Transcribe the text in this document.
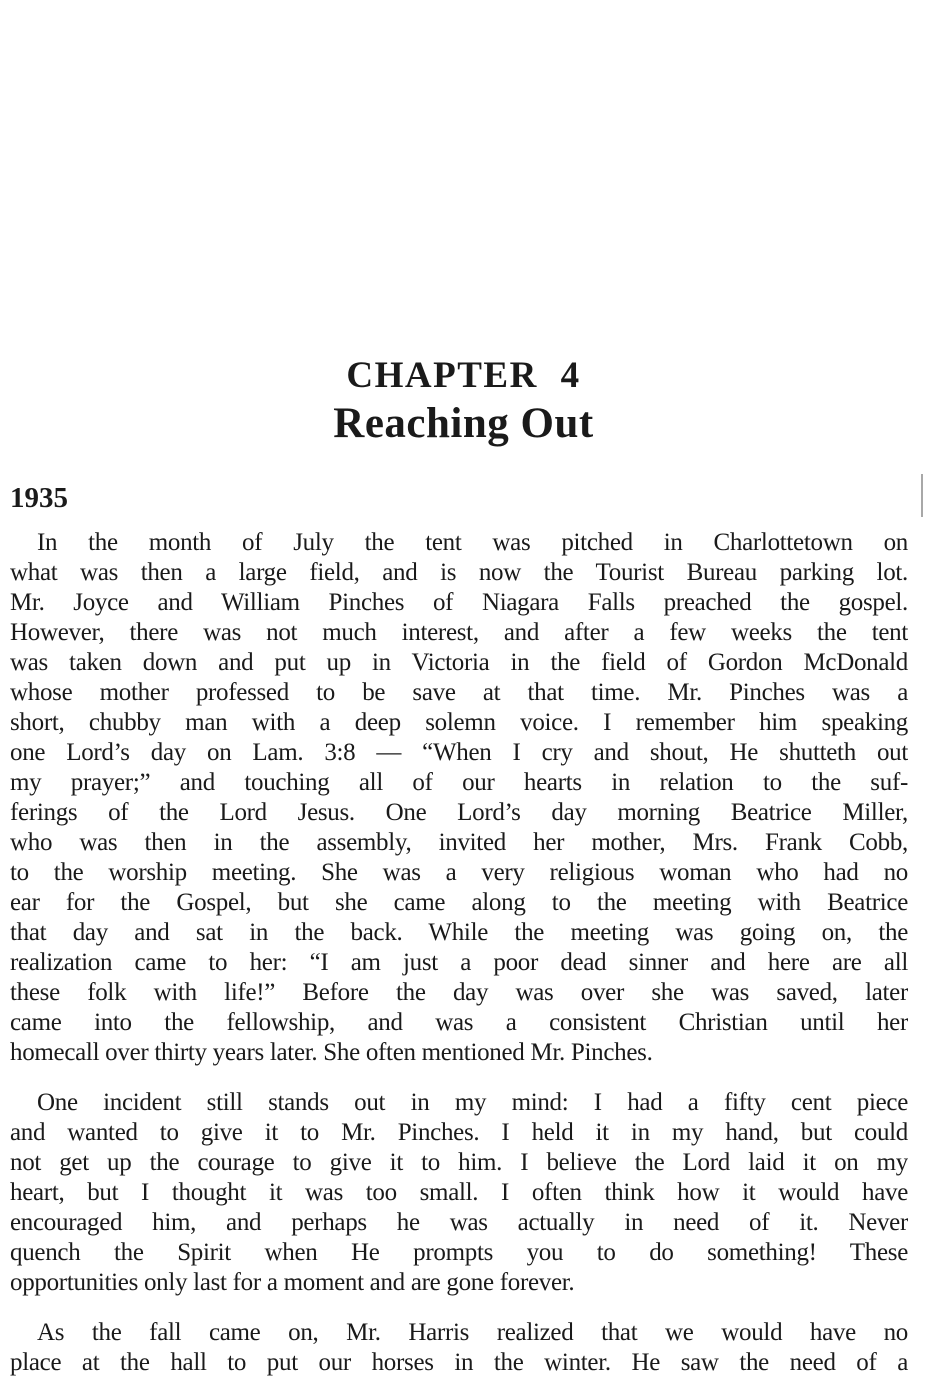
CHAPTER 4
Reaching Out
1935
In the month of July the tent was pitched in Charlottetown on
what was then a large field, and is now the Tourist Bureau parking lot.
Mr. Joyce and William Pinches of Niagara Falls preached the gospel.
However, there was not much interest, and after a few weeks the tent
was taken down and put up in Victoria in the field of Gordon McDonald
whose mother professed to be save at that time. Mr. Pinches was a
short, chubby man with a deep solemn voice. I remember him speaking
one Lord’s day on Lam. 3:8 — “When I cry and shout, He shutteth out
my prayer;” and touching all of our hearts in relation to the suf-
ferings of the Lord Jesus. One Lord’s day morning Beatrice Miller,
who was then in the assembly, invited her mother, Mrs. Frank Cobb,
to the worship meeting. She was a very religious woman who had no
ear for the Gospel, but she came along to the meeting with Beatrice
that day and sat in the back. While the meeting was going on, the
realization came to her: “I am just a poor dead sinner and here are all
these folk with life!” Before the day was over she was saved, later
came into the fellowship, and was a consistent Christian until her
homecall over thirty years later. She often mentioned Mr. Pinches.
One incident still stands out in my mind: I had a fifty cent piece
and wanted to give it to Mr. Pinches. I held it in my hand, but could
not get up the courage to give it to him. I believe the Lord laid it on my
heart, but I thought it was too small. I often think how it would have
encouraged him, and perhaps he was actually in need of it. Never
quench the Spirit when He prompts you to do something! These
opportunities only last for a moment and are gone forever.
As the fall came on, Mr. Harris realized that we would have no
place at the hall to put our horses in the winter. He saw the need of a
